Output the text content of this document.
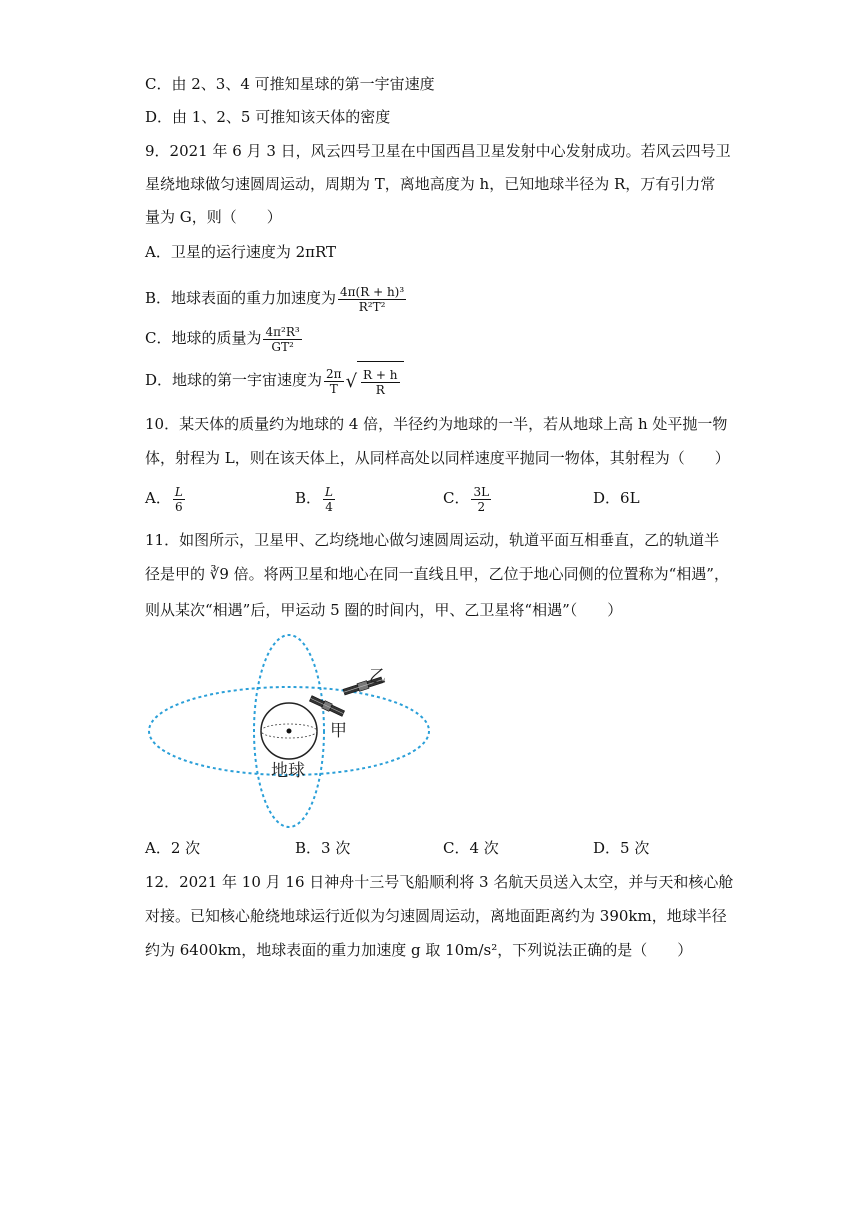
C．由 2、3、4 可推知星球的第一宇宙速度
D．由 1、2、5 可推知该天体的密度
9．2021 年 6 月 3 日，风云四号卫星在中国西昌卫星发射中心发射成功。若风云四号卫
星绕地球做匀速圆周运动，周期为 T，离地高度为 h，已知地球半径为 R，万有引力常
量为 G，则（　　）
A．卫星的运行速度为 2πRT
B．地球表面的重力加速度为 $\frac{\text{4π(R + h)³}}{\text{R²T²}}$
C．地球的质量为 $\frac{\text{4π²R³}}{\text{GT²}}$
D．地球的第一宇宙速度为 $\frac{2\pi}{T}$ √ $\frac{R + h}{R}$
10．某天体的质量约为地球的 4 倍，半径约为地球的一半，若从地球上高 h 处平抛一物
体，射程为 L，则在该天体上，从同样高处以同样速度平抛同一物体，其射程为（　　）
A． $\frac{L}{6}$	B． $\frac{L}{4}$	C． $\frac{3L}{2}$	D．6L
11．如图所示，卫星甲、乙均绕地心做匀速圆周运动，轨道平面互相垂直，乙的轨道半
径是甲的 ∛9 倍。将两卫星和地心在同一直线且甲，乙位于地心同侧的位置称为“相遇”，
则从某次“相遇”后，甲运动 5 圈的时间内，甲、乙卫星将“相遇”（　　）
乙
甲
地球
A．2 次	B．3 次	C．4 次	D．5 次
12．2021 年 10 月 16 日神舟十三号飞船顺利将 3 名航天员送入太空，并与天和核心舱
对接。已知核心舱绕地球运行近似为匀速圆周运动，离地面距离约为 390km，地球半径
约为 6400km，地球表面的重力加速度 g 取 10m/s²，下列说法正确的是（　　）
